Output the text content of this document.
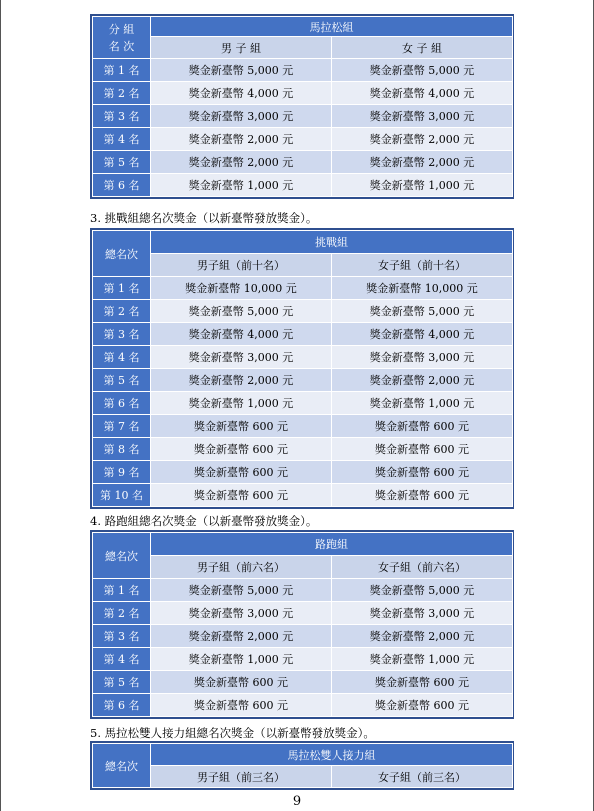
分 組
名 次	馬拉松組	
	男 子 組	女 子 組
第 1 名	獎金新臺幣 5,000 元	獎金新臺幣 5,000 元
第 2 名	獎金新臺幣 4,000 元	獎金新臺幣 4,000 元
第 3 名	獎金新臺幣 3,000 元	獎金新臺幣 3,000 元
第 4 名	獎金新臺幣 2,000 元	獎金新臺幣 2,000 元
第 5 名	獎金新臺幣 2,000 元	獎金新臺幣 2,000 元
第 6 名	獎金新臺幣 1,000 元	獎金新臺幣 1,000 元
3. 挑戰組總名次獎金（以新臺幣發放獎金）。
總名次	挑戰組	
	男子組（前十名）	女子組（前十名）
第 1 名	獎金新臺幣 10,000 元	獎金新臺幣 10,000 元
第 2 名	獎金新臺幣 5,000 元	獎金新臺幣 5,000 元
第 3 名	獎金新臺幣 4,000 元	獎金新臺幣 4,000 元
第 4 名	獎金新臺幣 3,000 元	獎金新臺幣 3,000 元
第 5 名	獎金新臺幣 2,000 元	獎金新臺幣 2,000 元
第 6 名	獎金新臺幣 1,000 元	獎金新臺幣 1,000 元
第 7 名	獎金新臺幣 600 元	獎金新臺幣 600 元
第 8 名	獎金新臺幣 600 元	獎金新臺幣 600 元
第 9 名	獎金新臺幣 600 元	獎金新臺幣 600 元
第 10 名	獎金新臺幣 600 元	獎金新臺幣 600 元
4. 路跑組總名次獎金（以新臺幣發放獎金）。
總名次	路跑組	
	男子組（前六名）	女子組（前六名）
第 1 名	獎金新臺幣 5,000 元	獎金新臺幣 5,000 元
第 2 名	獎金新臺幣 3,000 元	獎金新臺幣 3,000 元
第 3 名	獎金新臺幣 2,000 元	獎金新臺幣 2,000 元
第 4 名	獎金新臺幣 1,000 元	獎金新臺幣 1,000 元
第 5 名	獎金新臺幣 600 元	獎金新臺幣 600 元
第 6 名	獎金新臺幣 600 元	獎金新臺幣 600 元
5. 馬拉松雙人接力組總名次獎金（以新臺幣發放獎金）。
總名次	馬拉松雙人接力組	
	男子組（前三名）	女子組（前三名）
9
